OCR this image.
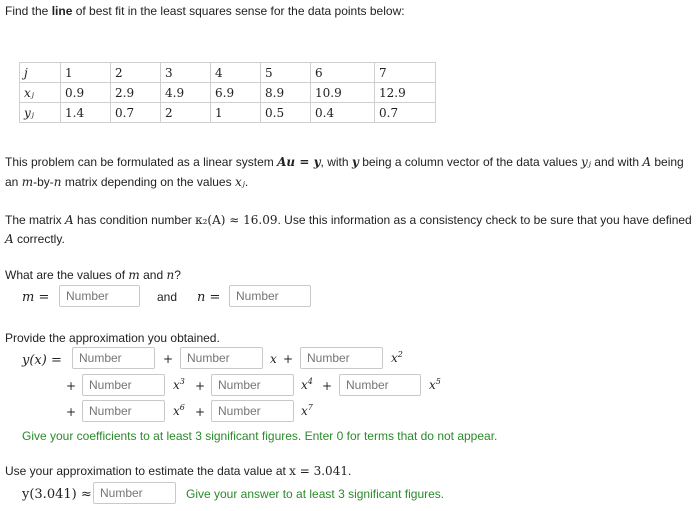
Find the line of best fit in the least squares sense for the data points below:
j	1	2	3	4	5	6	7
xⱼ	0.9	2.9	4.9	6.9	8.9	10.9	12.9
yⱼ	1.4	0.7	2	1	0.5	0.4	0.7
This problem can be formulated as a linear system Au = y, with y being a column vector of the data values yⱼ and with A being
an m-by-n matrix depending on the values xⱼ.
The matrix A has condition number κ₂(A) ≈ 16.09. Use this information as a consistency check to be sure that you have defined
A correctly.
What are the values of m and n?
m =
Number	and n =
Number
Provide the approximation you obtained.
y(x) =
Number	+
Number	x +
Number	$x^2$
+
Number	$x^3$ +
Number	$x^4$ +
Number	$x^5$
+
Number	$x^6$ +
Number	$x^7$
Give your coefficients to at least 3 significant figures. Enter 0 for terms that do not appear.
Use your approximation to estimate the data value at x = 3.041.
y(3.041) ≈
Number	Give your answer to at least 3 significant figures.
